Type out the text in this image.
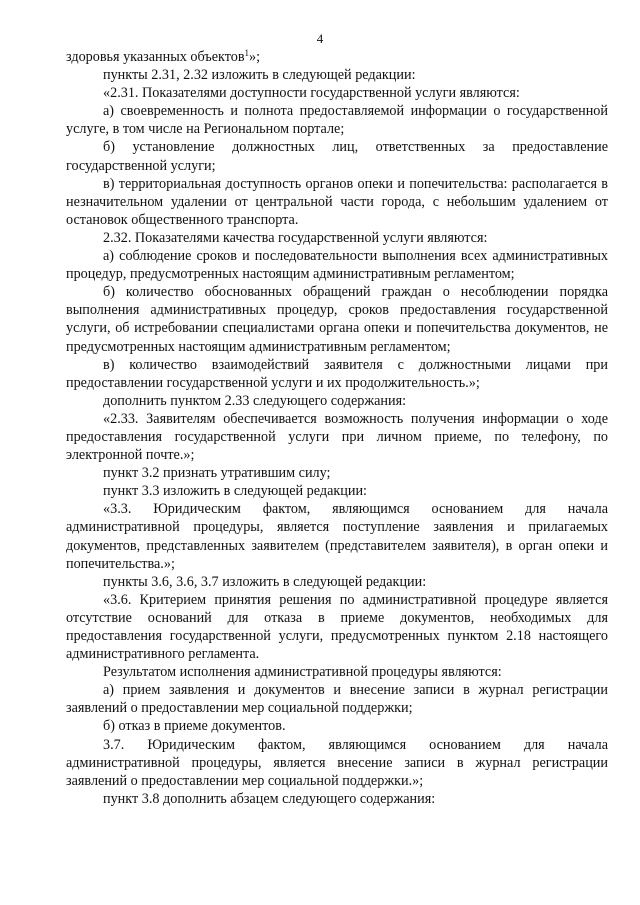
4

здоровья указанных объектов$^1$»;

пункты 2.31, 2.32 изложить в следующей редакции:

«2.31. Показателями доступности государственной услуги являются:

а) своевременность и полнота предоставляемой информации о государственной услуге, в том числе на Региональном портале;

б) установление должностных лиц, ответственных за предоставление государственной услуги;

в) территориальная доступность органов опеки и попечительства: располагается в незначительном удалении от центральной части города, с небольшим удалением от остановок общественного транспорта.

2.32. Показателями качества государственной услуги являются:

а) соблюдение сроков и последовательности выполнения всех административных процедур, предусмотренных настоящим административным регламентом;

б) количество обоснованных обращений граждан о несоблюдении порядка выполнения административных процедур, сроков предоставления государственной услуги, об истребовании специалистами органа опеки и попечительства документов, не предусмотренных настоящим административным регламентом;

в) количество взаимодействий заявителя с должностными лицами при предоставлении государственной услуги и их продолжительность.»;

дополнить пунктом 2.33 следующего содержания:

«2.33. Заявителям обеспечивается возможность получения информации о ходе предоставления государственной услуги при личном приеме, по телефону, по электронной почте.»;

пункт 3.2 признать утратившим силу;

пункт 3.3 изложить в следующей редакции:

«3.3. Юридическим фактом, являющимся основанием для начала административной процедуры, является поступление заявления и прилагаемых документов, представленных заявителем (представителем заявителя), в орган опеки и попечительства.»;

пункты 3.6, 3.6, 3.7 изложить в следующей редакции:

«3.6. Критерием принятия решения по административной процедуре является отсутствие оснований для отказа в приеме документов, необходимых для предоставления государственной услуги, предусмотренных пунктом 2.18 настоящего административного регламента.

Результатом исполнения административной процедуры являются:

а) прием заявления и документов и внесение записи в журнал регистрации заявлений о предоставлении мер социальной поддержки;

б) отказ в приеме документов.

3.7. Юридическим фактом, являющимся основанием для начала административной процедуры, является внесение записи в журнал регистрации заявлений о предоставлении мер социальной поддержки.»;

пункт 3.8 дополнить абзацем следующего содержания:
